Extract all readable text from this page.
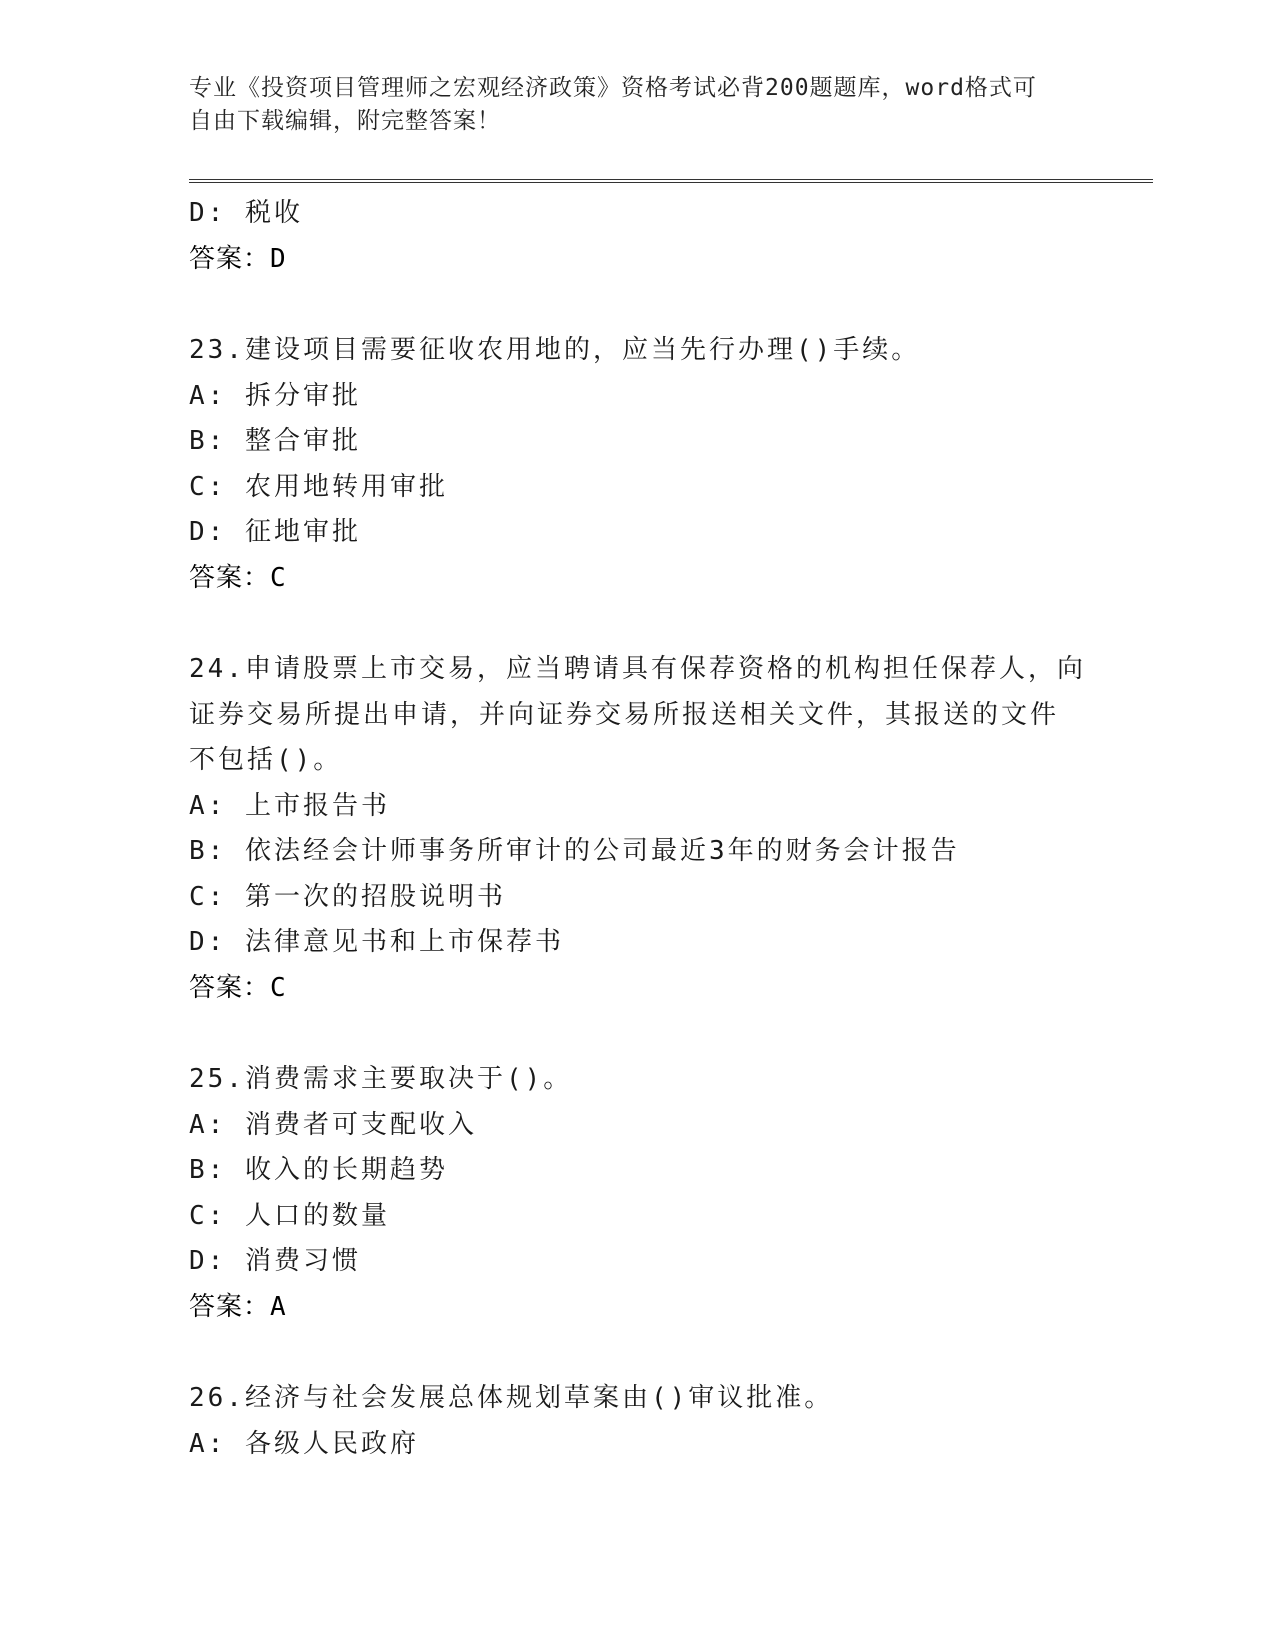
专业《投资项目管理师之宏观经济政策》资格考试必背200题题库，word格式可
自由下载编辑，附完整答案！
D: 税收
答案：D
23.建设项目需要征收农用地的，应当先行办理()手续。
A: 拆分审批
B: 整合审批
C: 农用地转用审批
D: 征地审批
答案：C
24.申请股票上市交易，应当聘请具有保荐资格的机构担任保荐人，向
证券交易所提出申请，并向证券交易所报送相关文件，其报送的文件
不包括()。
A: 上市报告书
B: 依法经会计师事务所审计的公司最近3年的财务会计报告
C: 第一次的招股说明书
D: 法律意见书和上市保荐书
答案：C
25.消费需求主要取决于()。
A: 消费者可支配收入
B: 收入的长期趋势
C: 人口的数量
D: 消费习惯
答案：A
26.经济与社会发展总体规划草案由()审议批准。
A: 各级人民政府
